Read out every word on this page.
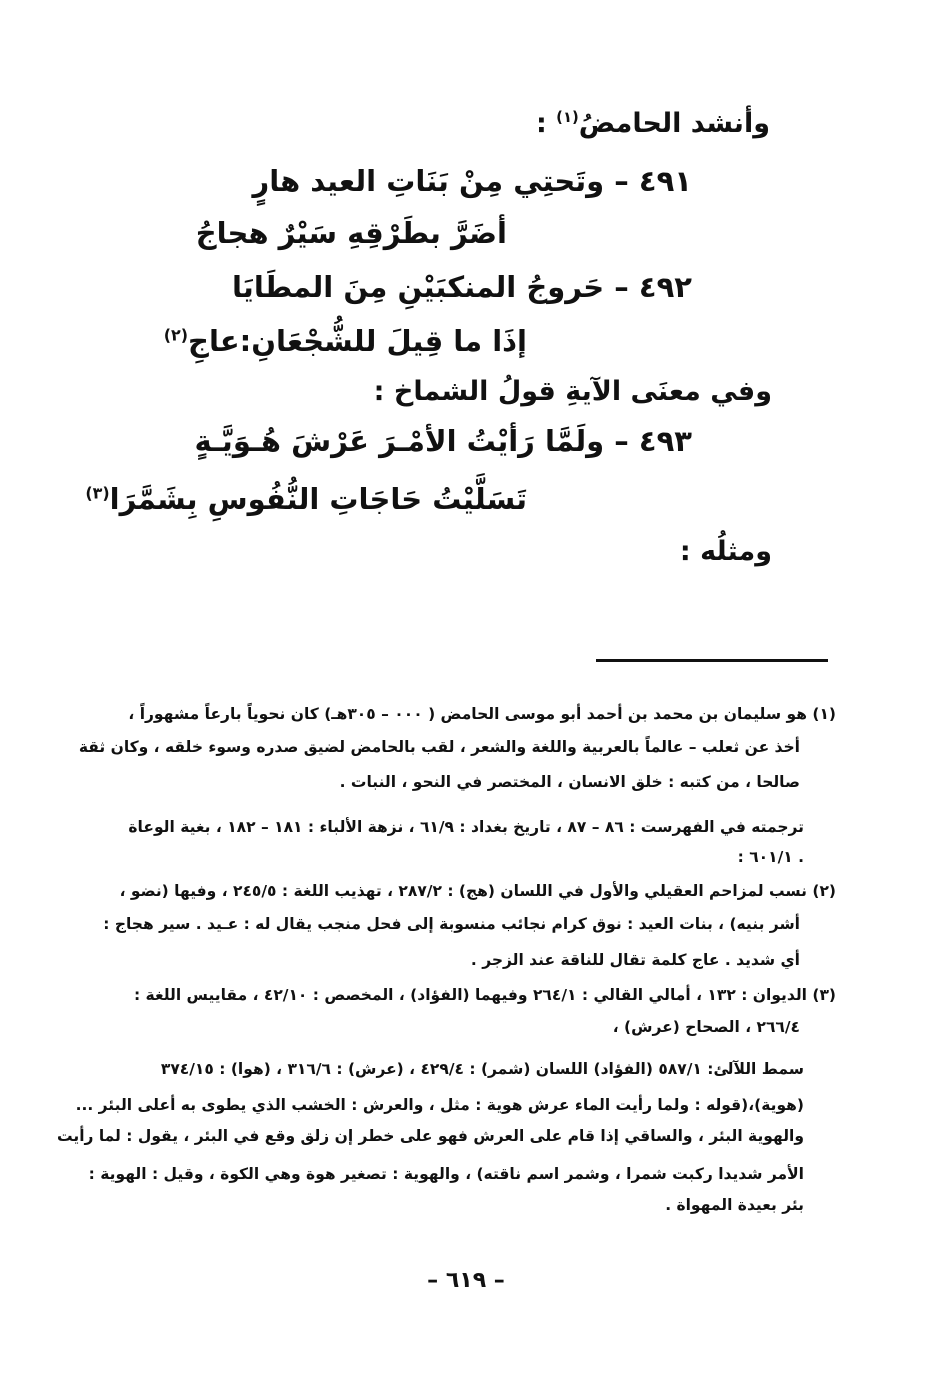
وأنشد الحامضُ$^{(١)}$ :
٤٩١ – وتَحتِي مِنْ بَنَاتِ العيد هارٍ
أضَرَّ بطَرْقِهِ سَيْرٌ هجاجُ
٤٩٢ – حَروجُ المنكبَيْنِ مِنَ المطَايَا
إذَا ما قِيلَ للشُّجْعَانِ:عاجِ$^{(٢)}$
وفي معنَى الآيةِ قولُ الشماخ :
٤٩٣ – ولَمَّا رَأيْتُ الأمْـرَ عَرْشَ هُـوَيَّـةٍ
تَسَلَّيْتُ حَاجَاتِ النُّفُوسِ بِشَمَّرَا$^{(٣)}$
ومثلُه :
(١) هو سليمان بن محمد بن أحمد أبو موسى الحامض ( ٠٠٠ – ٣٠٥هـ) كان نحوياً بارعاً مشهوراً ،
أخذ عن ثعلب – عالماً بالعربية واللغة والشعر ، لقب بالحامض لضيق صدره وسوء خلقه ، وكان ثقة
صالحا ، من كتبه : خلق الانسان ، المختصر في النحو ، النبات .
ترجمته في الفهرست : ٨٦ – ٨٧ ، تاريخ بغداد : ٦١/٩ ، نزهة الألباء : ١٨١ – ١٨٢ ، بغية الوعاة
: ٦٠١/١ .
(٢) نسب لمزاحم العقيلي والأول في اللسان (هج) : ٢٨٧/٢ ، تهذيب اللغة : ٢٤٥/٥ ، وفيها (نضو ،
أشر بنيه) ، بنات العيد : نوق كرام نجائب منسوبة إلى فحل منجب يقال له : عـيد . سير هجاج :
أي شديد . عاج كلمة تقال للناقة عند الزجر .
(٣) الديوان : ١٣٢ ، أمالي القالي : ٢٦٤/١ وفيهما (الفؤاد) ، المخصص : ٤٢/١٠ ، مقاييس اللغة :
٢٦٦/٤ ، الصحاح (عرش) ،
سمط اللآلئ: ٥٨٧/١ (الفؤاد) اللسان (شمر) : ٤٢٩/٤ ، (عرش) : ٣١٦/٦ ، (هوا) : ٣٧٤/١٥
(هوية)،(قوله : ولما رأيت الماء عرش هوية : مثل ، والعرش : الخشب الذي يطوى به أعلى البئر ...
والهوية البئر ، والساقي إذا قام على العرش فهو على خطر إن زلق وقع في البئر ، يقول : لما رأيت
الأمر شديدا ركبت شمرا ، وشمر اسم ناقته) ، والهوية : تصغير هوة وهي الكوة ، وقيل : الهوية :
بئر بعيدة المهواة .
– ٦١٩ –
